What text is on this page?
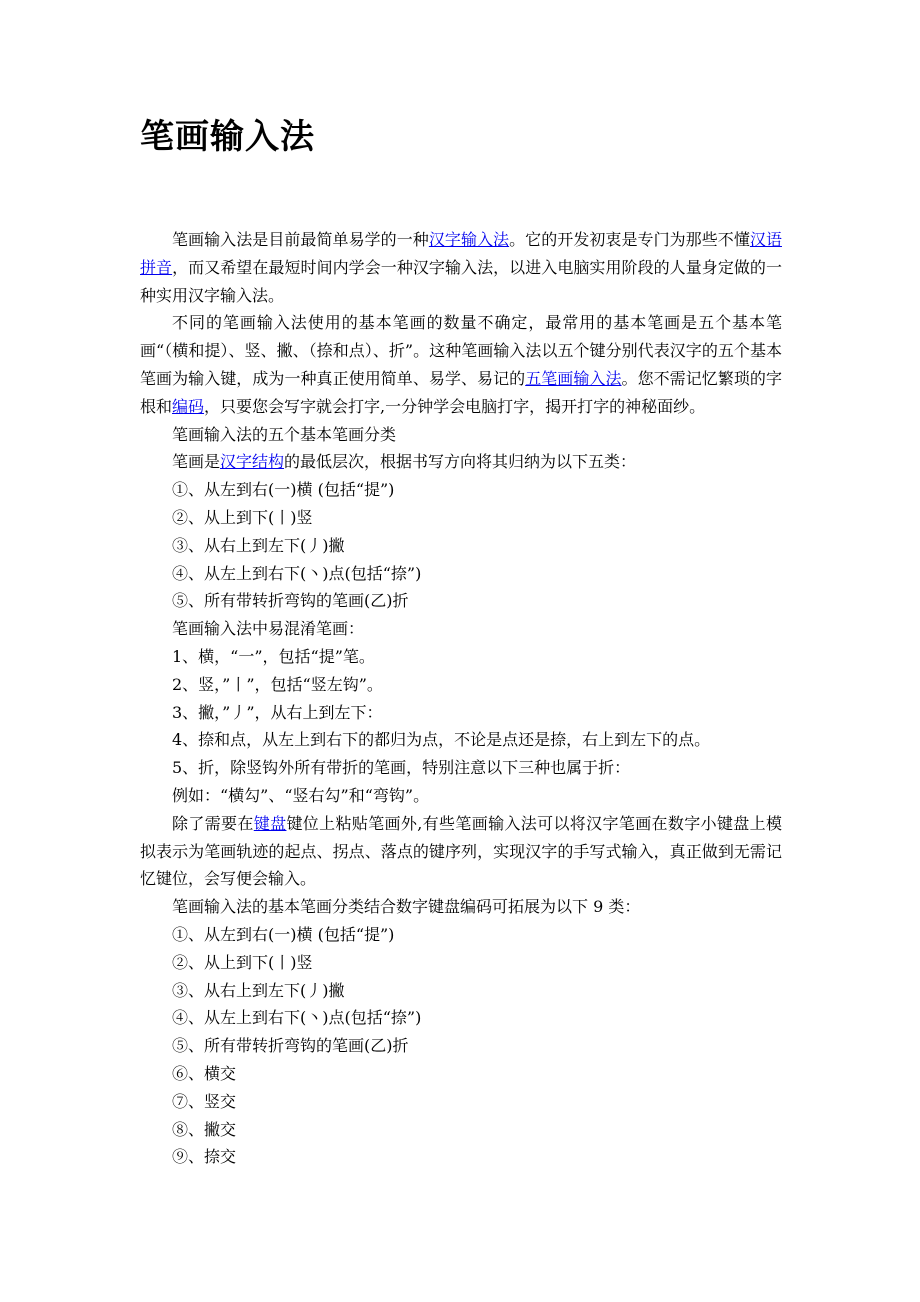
笔画输入法

笔画输入法是目前最简单易学的一种汉字输入法。它的开发初衷是专门为那些不懂汉语拼音，而又希望在最短时间内学会一种汉字输入法，以进入电脑实用阶段的人量身定做的一种实用汉字输入法。

不同的笔画输入法使用的基本笔画的数量不确定，最常用的基本笔画是五个基本笔画“（横和提）、竖、撇、（捺和点）、折”。这种笔画输入法以五个键分别代表汉字的五个基本笔画为输入键，成为一种真正使用简单、易学、易记的五笔画输入法。您不需记忆繁琐的字根和编码，只要您会写字就会打字,一分钟学会电脑打字，揭开打字的神秘面纱。

笔画输入法的五个基本笔画分类

笔画是汉字结构的最低层次，根据书写方向将其归纳为以下五类：

①、从左到右(一)横 (包括“提”)

②、从上到下(丨)竖

③、从右上到左下(丿)撇

④、从左上到右下(丶)点(包括“捺”)

⑤、所有带转折弯钩的笔画(乙)折

笔画输入法中易混淆笔画：

1、横，“一”，包括“提”笔。

2、竖，”丨”，包括“竖左钩”。

3、撇，”丿”，从右上到左下：

4、捺和点，从左上到右下的都归为点，不论是点还是捺，右上到左下的点。

5、折，除竖钩外所有带折的笔画，特别注意以下三种也属于折：

例如：“横勾”、“竖右勾”和“弯钩”。

除了需要在键盘键位上粘贴笔画外,有些笔画输入法可以将汉字笔画在数字小键盘上模拟表示为笔画轨迹的起点、拐点、落点的键序列，实现汉字的手写式输入，真正做到无需记忆键位，会写便会输入。

笔画输入法的基本笔画分类结合数字键盘编码可拓展为以下 9 类：

①、从左到右(一)横 (包括“提”)

②、从上到下(丨)竖

③、从右上到左下(丿)撇

④、从左上到右下(丶)点(包括“捺”)

⑤、所有带转折弯钩的笔画(乙)折

⑥、横交

⑦、竖交

⑧、撇交

⑨、捺交
